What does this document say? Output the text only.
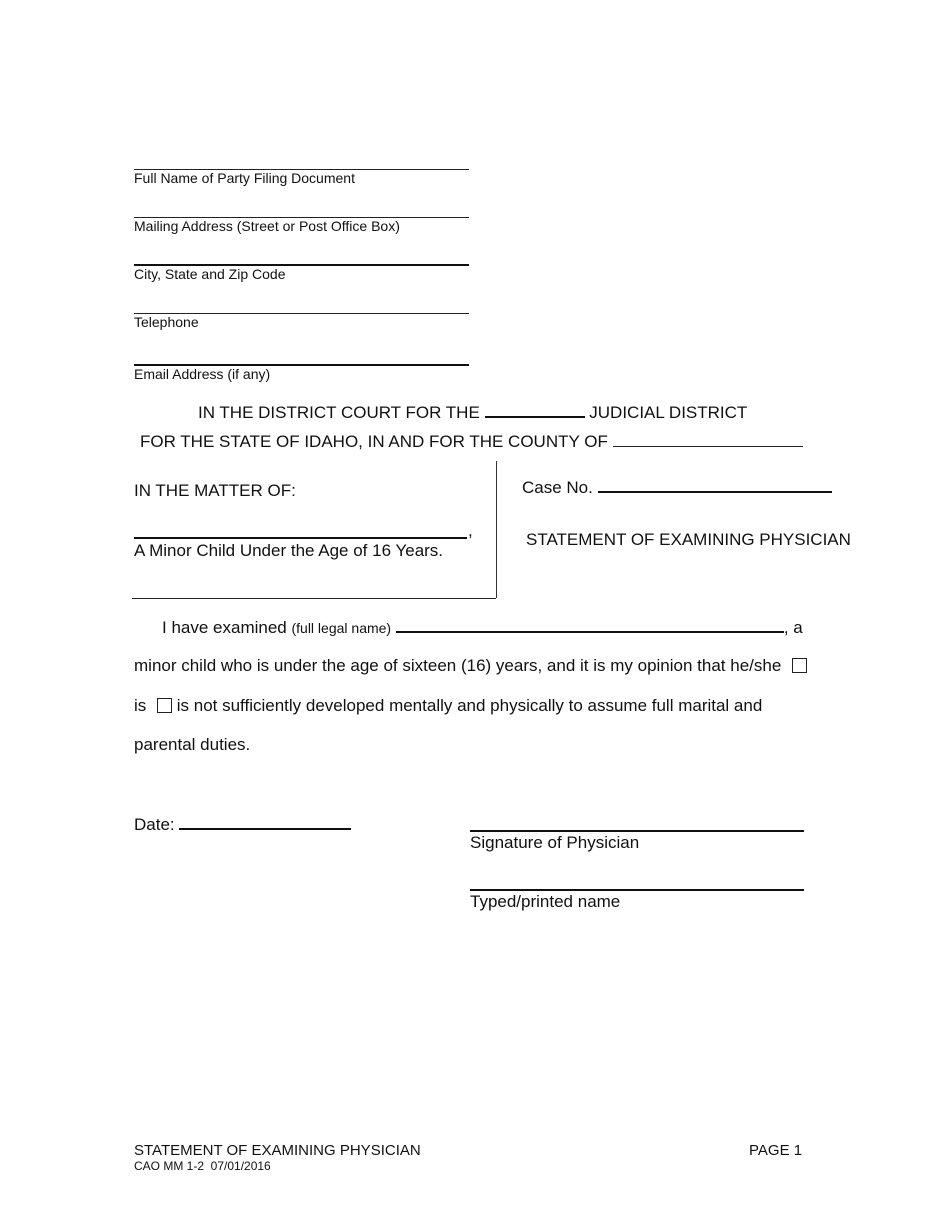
Full Name of Party Filing Document
Mailing Address (Street or Post Office Box)
City, State and Zip Code
Telephone
Email Address (if any)
IN THE DISTRICT COURT FOR THE	JUDICIAL DISTRICT
FOR THE STATE OF IDAHO, IN AND FOR THE COUNTY OF
IN THE MATTER OF:
,
A Minor Child Under the Age of 16 Years.
Case No.
STATEMENT OF EXAMINING PHYSICIAN
I have examined (full legal name)	, a
minor child who is under the age of sixteen (16) years, and it is my opinion that he/she
is is not sufficiently developed mentally and physically to assume full marital and
parental duties.
Date:
Signature of Physician
Typed/printed name
STATEMENT OF EXAMINING PHYSICIAN
CAO MM 1-2  07/01/2016
PAGE 1
